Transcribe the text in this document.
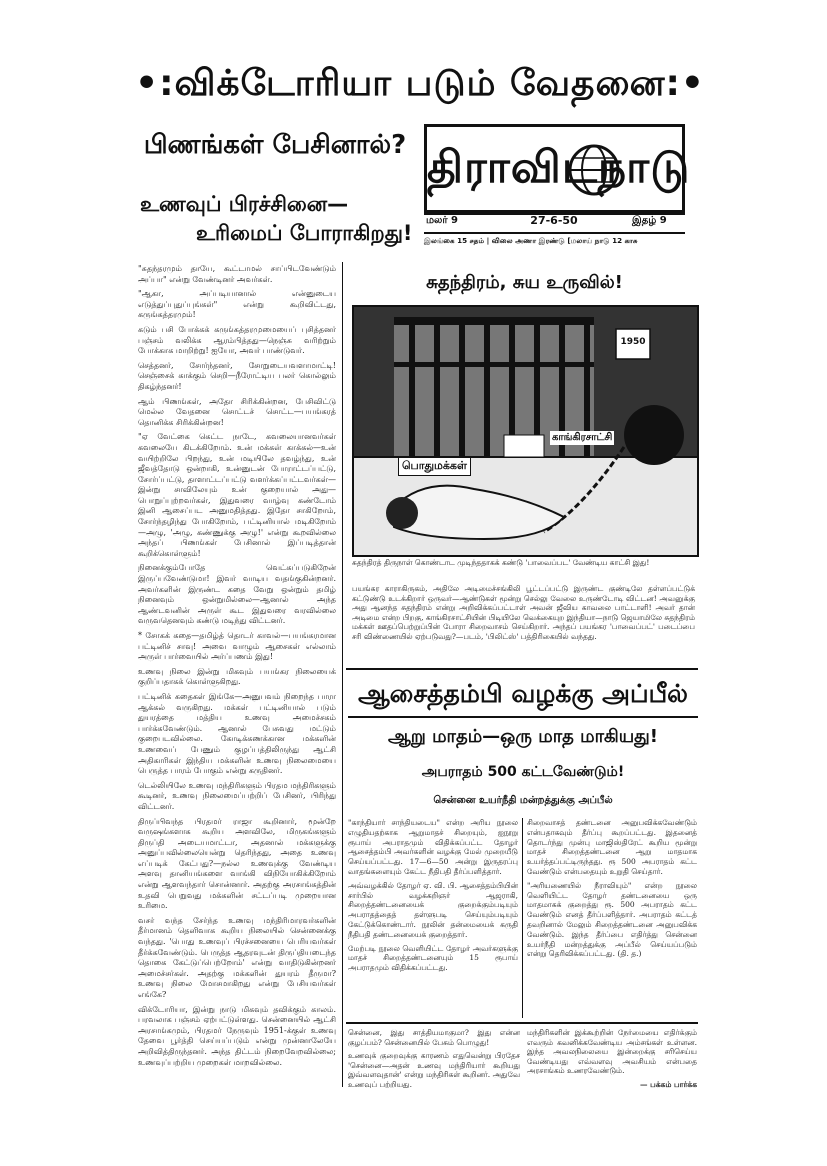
•:விக்டோரியா படும் வேதனை:•
பிணங்கள் பேசினால்?
உணவுப் பிரச்சினை—
உரிமைப் போராகிறது!
திராவிடநாடு
மலர் 9	27-6-50	இதழ் 9
இலங்கை 15 சதம் | விலை அணா இரண்டு [மலாய் நாடு 12 காசு
சுதந்திரம், சுய உருவில்!
1950
பொதுமக்கள்
காங்கிரசாட்சி
சுதந்திரத் திருநாள் கொண்டாட முடிந்ததாகக் கண்டு 'பாவைப்பட' வேண்டிய காட்சி இது!

பயங்கர காராகிருகம், அதிலே அடிமைச்சங்கிலி பூட்டப்பட்டு இருண்ட குண்டிலே தள்ளப்பட்டுக் கட்டுண்டு உடக்கிறார் ஒருவர்—ஆண்டுகள் மூன்று செல்லு வேலை உருண்டோடி விட்டன! அவனுக்கு அது ஆனந்த சுதந்திரம் என்று அறிவிக்கப்பட்டாள் அவன் ஜீவிய காவலை பாட்டாளி! அவர் தான் அடிமை என்ற பிறகு, காங்கிரசாட்சியின் பிடியிலே வெக்கையுற இந்தியா—நாடு ஜெயாமிலே சுதந்திரம் மக்கள் ஊதப்பெற்றுப்பின் போரா சிறைவாசம் செய்கிறார். அந்தப் பயங்கர 'பாவைப்பட்' படைப்பை சரி விண்ணையில் ஏற்படுவது?—படம், 'பிலிட்ஸ்' பத்திரிகையில் வந்தது.

"சுதந்தரமும் தாயே, கூட்டாமல் சாப்பிடவேண்டும் அப்பா" என்று வேண்டினர் அவர்கள்.

"ஆகா, அப்படியானால் என்னுடைய எடுத்துப்புதுப்புங்கள்" என்று கூறிவிட்டது, கருங்கத்தரமும்!

கடும் பசி போக்கக் கருங்கத்தரமுமையைப் புசித்தனர் பஞ்சம் வலிக்க ஆரம்பித்தது—நெஞ்சு வரிற்றும் போக்காக மாறிற்று! ஐயோ, அவர் பாண்டுவர்.

செத்தனர், சோர்ந்தனர், சோறுடையவளாமாட்டி! செஞ்சைக் காக்கும் செறி—நீரோட்டிய பலர் கொல்லும் திகழ்ந்தனர்!

ஆம் பிணங்கள், அதோ சிரிக்கின்றன, பேசிவிட்டு மெல்ல வேதனை சொட்டச் சொட்ட—பயங்கரத் தொனிக்க சிரிக்கின்றன!

"ஏ வேட்கை கெட்ட நாடே, கவலையானவர்கள் கவலையே கிடக்கிறோம். உன் மக்கள் காக்கல்—உன் வயிற்றிலே பிறந்து, உன் மடியிலே தவழ்ந்து, உன் ஜீவத்தோடு ஒன்றாகி, உன்னுடன் போராட்டப்பட்டு, சோர்ப்பட்டு, தாளாட்டப்பட்டு வளர்க்கப்பட்டவர்கள்—இன்று சாவிலேயும் உன் குறையால் அது—பொறுப்புற்றவர்கள், இதுவரை வாழ்வு கண்டோம் இனி ஆசைப்பட அனுமதித்தது. இதோ சாகிறோம், சோர்ந்தழிந்து போகிறோம், பட்டினியால் மடிகிறோம்—அழு, 'அழு, கண்ணுக்கு அழு!' என்று கூறவில்லை அந்தப் பிணங்கள் பேசினால் இப்படித்தான் கூறிக்கொள்ளும்!

நினைக்கும்போதே வெட்கப்படுகிறேன் இருப்பவேண்டுமா! இவர் வாடிய வதங்குகின்றனர். அவர்களின் இருண்ட கதை வேறு ஒன்றும் தமிழ் நினைவும் ஒன்றுமில்லை—ஆனால் அந்த ஆண்டவனின் அருள் கூட இதுவரை வரவில்லை வருவதெனவும் கண்டு மடிந்து விட்டனர்.

* சோகக் கதை—தமிழ்த் தொடர் காவல்—பயங்கரமான பட்டினிச் சாவு! அவை வாழும் ஆசைகள் எல்லாம் அருள் பார்வையில் அர்ப்பணம் இது!

உணவு நிலை இன்று மிகவும் பயங்கர நிலையைக் குறிப்பதாகக் கொள்ளுகிறது.

பட்டினிக் கதைகள் இங்கே—அனுபவம் நிறைந்த பாரா ஆக்கல் வருகிறது. மக்கள் பட்டினியால் படும் துயரத்தை மத்திய உணவு அமைச்சகம் பார்க்கவேண்டும். ஆனால் பேசுவது மட்டும் குறைபடவில்லை. கோடிக்கணக்கான மக்களின் உணவைப் பேணும் குழப்பத்திலிருந்து ஆட்சி அதிகாரிகள் இந்திய மக்களின் உணவு நிலைமையை பெருத்த பாரம் போகும் என்று கருதினர்.

டெல்லியிலே உணவு மந்திரிகளும் பிரதம மந்திரிகளும் கூடினர், உணவு நிலைமைப்பற்றிப் பேசினர், பிரிந்து விட்டனர்.

திருப்பிவந்த பிரதமர் ராஜா கூறினார், மூன்றே வருஷங்களாக கூறிய அளவிலே, மிருகங்களும் திருப்தி அடையமாட்டா, அதனால் மக்களுக்கு அனுப்பவில்லையென்று தெரிந்தது, அதை உணவு எப்படிக் கேட்பது?—நல்ல உணவுக்கு வேண்டிய அளவு தானியங்களை வாங்கி விநியோகிக்கிறோம் என்று ஆளவந்தார் சொன்னார். அதற்கு அரசாங்கத்தின் உதவி பெறுவது மக்களின் சட்டப்படி முறையான உரிமை.

வசர் வந்த சேர்ந்த உணவு மந்திரிமாரவர்களின் தீர்மானம் தெளிவாக கூறிய நிலையில் சென்னைக்கு வந்தது. 'பொது உணவுப் பிரச்சனையை பெரியவர்கள் தீர்க்கவேண்டும். பெருத்த ஆதரவுடன் திருப்தியடைந்த தொகை கேட்டுப்பெற்றோம்' என்று வாதிடுகின்றனர் அமைச்சர்கள். அதற்கு மக்களின் துயரம் தீருமா? உணவு நிலை மோசமாகிறது என்று பேசியவர்கள் எங்கே?

விக்டோரியா, இன்று நாடு மிகவும் தவிக்கும் காலம். பரவலாக பஞ்சம் ஏற்பட்டுள்ளது. சென்னையில் ஆட்சி அரசாங்கமும், பிரதமர் நேருவும் 1951-க்குள் உணவு தேவை பூர்த்தி செய்யப்படும் என்று முன்னாலேயே அறிவித்திருந்தனர். அந்த திட்டம் நிறைவேறவில்லை; உணவுப்பற்றிய முறைகள் மாறவில்லை.

ஆசைத்தம்பி வழக்கு அப்பீல்
ஆறு மாதம்—ஒரு மாத மாகியது!
அபராதம் 500 கட்டவேண்டும்!
சென்னை உயர்நீதி மன்றத்துக்கு அப்பீல்

"காந்தியார் சாந்தியடைய" என்ற அரிய நூலை எழுதியதற்காக ஆறுமாதச் சிறையும், ஐநூறு ரூபாய் அபராதமும் விதிக்கப்பட்ட தோழர் ஆசைத்தம்பி அவர்களின் வழக்கு மேல் முறையீடு செய்யப்பட்டது. 17—6—50 அன்று இருதரப்பு வாதங்களையும் கேட்ட நீதிபதி தீர்ப்பளித்தார்.

அவ்வழக்கில் தோழர் ஏ. வி. பி. ஆசைத்தம்பியின் சார்பில் வழக்கறிஞர் ஆஜராகி, சிறைத்தண்டனையைக் குறைக்கும்படியும் அபராதத்தைத் தள்ளுபடி செய்யும்படியும் கேட்டுக்கொண்டார். நூலின் தன்மையைக் கருதி நீதிபதி தண்டனையைக் குறைத்தார்.

மேற்படி நூலை வெளியிட்ட தோழர் அவர்களுக்கு மாதச் சிறைத்தண்டனையும் 15 ரூபாய் அபராதமும் விதிக்கப்பட்டது.

சிறைவாசத் தண்டனை அனுபவிக்கவேண்டும் என்பதாகவும் தீர்ப்பு கூறப்பட்டது. இதனைத் தொடர்ந்து முன்பு மாஜிஸ்திரேட் கூறிய மூன்று மாதச் சிறைத்தண்டனை ஆறு மாதமாக உயர்த்தப்பட்டிருந்தது. ரூ 500 அபராதம் கட்ட வேண்டும் என்பதையும் உறுதி செய்தார்.

"அரியணையில் நீராவியும்" என்ற நூலை வெளியிட்ட தோழர் தண்டனையை ஒரு மாதமாகக் குறைத்து ரூ. 500 அபராதம் கட்ட வேண்டும் எனத் தீர்ப்பளித்தார். அபராதம் கட்டத் தவறினால் மேலும் சிறைத்தண்டனை அனுபவிக்க வேண்டும். இந்த தீர்ப்பை எதிர்த்து சென்னை உயர்நீதி மன்றத்துக்கு அப்பீல் செய்யப்படும் என்று தெரிவிக்கப்பட்டது. (தி. த.)

சென்னை, இது சாத்தியமாகுமா? இது என்ன குழப்பம்? சென்னையில் பேசும் பொழுது!

உணவுக் குறைவுக்கு காரணம் எதுவென்று பிரதேச 'சென்னை—அதன் உணவு மந்திரியார் கூறியது இவ்வளவுதான்' என்று மந்திரிகள் கூறினர். அதுவே உணவுப் பற்றியது.

மந்திரிகளின் இக்கூற்றின் நேர்மையை எதிர்க்கும் எவரும் கவனிக்கவேண்டிய அம்சங்கள் உள்ளன. இந்த அவலநிலையை இன்றைக்கு சரிசெய்ய வேண்டியது எவ்வளவு அவசியம் என்பதை அரசாங்கம் உணரவேண்டும்.

— பக்கம் பார்க்க
